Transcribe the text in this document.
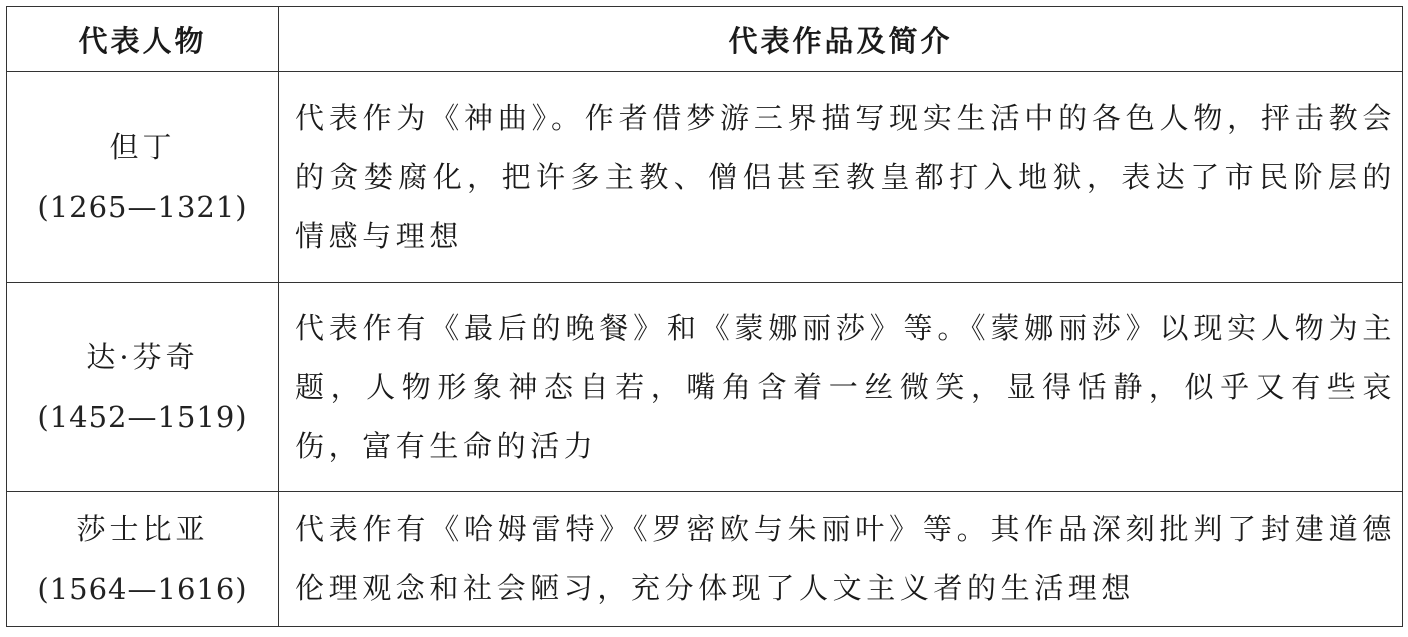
代表人物	代表作品及简介
但丁
(1265—1321)	代表作为《神曲》。作者借梦游三界描写现实生活中的各色人物，抨击教会的贪婪腐化，把许多主教、僧侣甚至教皇都打入地狱，表达了市民阶层的情感与理想
达·芬奇
(1452—1519)	代表作有《最后的晚餐》和《蒙娜丽莎》等。《蒙娜丽莎》以现实人物为主题，人物形象神态自若，嘴角含着一丝微笑，显得恬静，似乎又有些哀伤，富有生命的活力
莎士比亚
(1564—1616)	代表作有《哈姆雷特》《罗密欧与朱丽叶》等。其作品深刻批判了封建道德伦理观念和社会陋习，充分体现了人文主义者的生活理想
